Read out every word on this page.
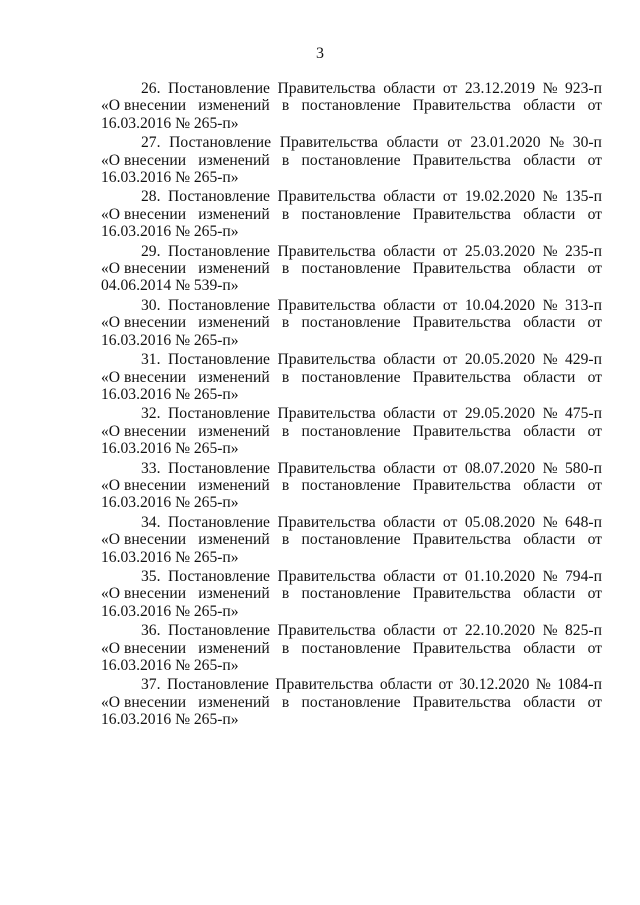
3
26. Постановление Правительства области от 23.12.2019 № 923-п
«О внесении изменений в постановление Правительства области от
16.03.2016 № 265-п»
27. Постановление Правительства области от 23.01.2020 № 30-п
«О внесении изменений в постановление Правительства области от
16.03.2016 № 265-п»
28. Постановление Правительства области от 19.02.2020 № 135-п
«О внесении изменений в постановление Правительства области от
16.03.2016 № 265-п»
29. Постановление Правительства области от 25.03.2020 № 235-п
«О внесении изменений в постановление Правительства области от
04.06.2014 № 539-п»
30. Постановление Правительства области от 10.04.2020 № 313-п
«О внесении изменений в постановление Правительства области от
16.03.2016 № 265-п»
31. Постановление Правительства области от 20.05.2020 № 429-п
«О внесении изменений в постановление Правительства области от
16.03.2016 № 265-п»
32. Постановление Правительства области от 29.05.2020 № 475-п
«О внесении изменений в постановление Правительства области от
16.03.2016 № 265-п»
33. Постановление Правительства области от 08.07.2020 № 580-п
«О внесении изменений в постановление Правительства области от
16.03.2016 № 265-п»
34. Постановление Правительства области от 05.08.2020 № 648-п
«О внесении изменений в постановление Правительства области от
16.03.2016 № 265-п»
35. Постановление Правительства области от 01.10.2020 № 794-п
«О внесении изменений в постановление Правительства области от
16.03.2016 № 265-п»
36. Постановление Правительства области от 22.10.2020 № 825-п
«О внесении изменений в постановление Правительства области от
16.03.2016 № 265-п»
37. Постановление Правительства области от 30.12.2020 № 1084-п
«О внесении изменений в постановление Правительства области от
16.03.2016 № 265-п»
